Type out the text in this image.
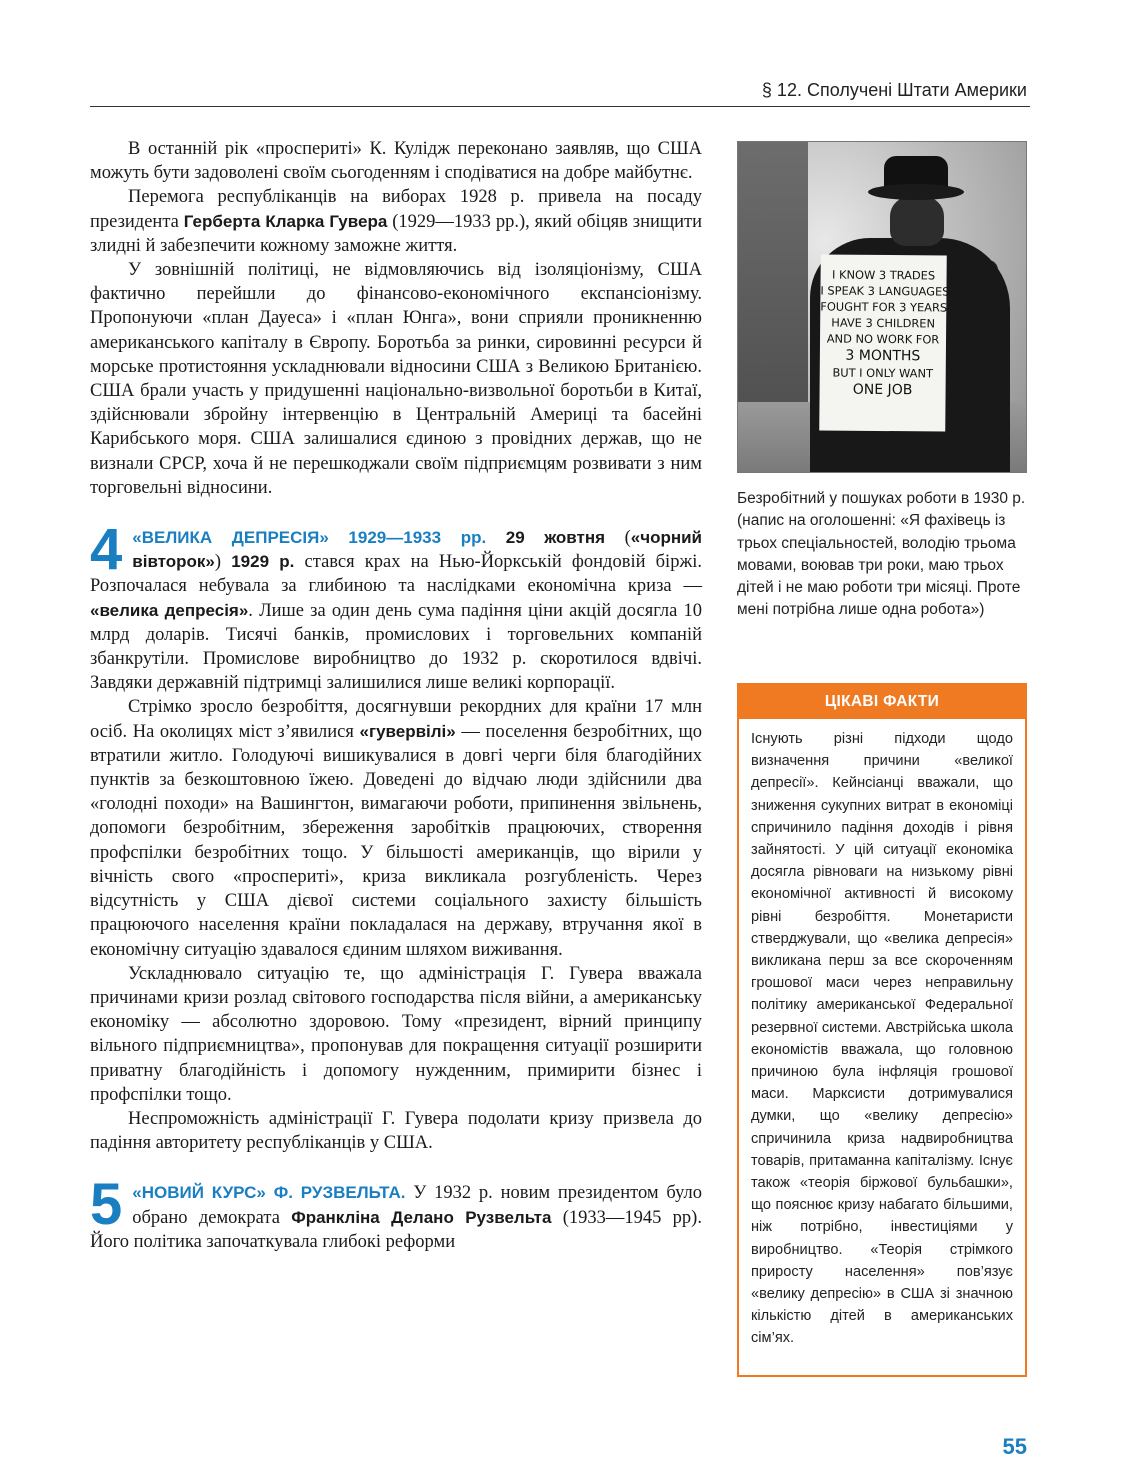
§ 12. Сполучені Штати Америки

В останній рік «проспериті» К. Кулідж переконано заявляв, що США можуть бути задоволені своїм сьогоденням і сподіватися на добре майбутнє.

Перемога республіканців на виборах 1928 р. привела на посаду президента Герберта Кларка Гувера (1929—1933 рр.), який обіцяв знищити злидні й забезпечити кожному заможне життя.

У зовнішній політиці, не відмовляючись від ізоляціонізму, США фактично перейшли до фінансово-економічного експансіонізму. Пропонуючи «план Дауеса» і «план Юнга», вони сприяли проникненню американського капіталу в Європу. Боротьба за ринки, сировинні ресурси й морське протистояння ускладнювали відносини США з Великою Британією. США брали участь у придушенні національно-визвольної боротьби в Китаї, здійснювали збройну інтервенцію в Центральній Америці та басейні Карибського моря. США залишалися єдиною з провідних держав, що не визнали СРСР, хоча й не перешкоджали своїм підприємцям розвивати з ним торговельні відносини.

4 «ВЕЛИКА ДЕПРЕСІЯ» 1929—1933 рр. 29 жовтня («чорний вівторок») 1929 р. стався крах на Нью-Йоркській фондовій біржі. Розпочалася небувала за глибиною та наслідками економічна криза — «велика депресія». Лише за один день сума падіння ціни акцій досягла 10 млрд доларів. Тисячі банків, промислових і торговельних компаній збанкрутіли. Промислове виробництво до 1932 р. скоротилося вдвічі. Завдяки державній підтримці залишилися лише великі корпорації.

Стрімко зросло безробіття, досягнувши рекордних для країни 17 млн осіб. На околицях міст з’явилися «гувервілі» — поселення безробітних, що втратили житло. Голодуючі вишикувалися в довгі черги біля благодійних пунктів за безкоштовною їжею. Доведені до відчаю люди здійснили два «голодні походи» на Вашингтон, вимагаючи роботи, припинення звільнень, допомоги безробітним, збереження заробітків працюючих, створення профспілки безробітних тощо. У більшості американців, що вірили у вічність свого «проспериті», криза викликала розгубленість. Через відсутність у США дієвої системи соціального захисту більшість працюючого населення країни покладалася на державу, втручання якої в економічну ситуацію здавалося єдиним шляхом виживання.

Ускладнювало ситуацію те, що адміністрація Г. Гувера вважала причинами кризи розлад світового господарства після війни, а американську економіку — абсолютно здоровою. Тому «президент, вірний принципу вільного підприємництва», пропонував для покращення ситуації розширити приватну благодійність і допомогу нужденним, примирити бізнес і профспілки тощо.

Неспроможність адміністрації Г. Гувера подолати кризу призвела до падіння авторитету республіканців у США.

5 «НОВИЙ КУРС» Ф. РУЗВЕЛЬТА. У 1932 р. новим президентом було обрано демократа Франкліна Делано Рузвельта (1933—1945 рр). Його політика започаткувала глибокі реформи

I KNOW 3 TRADES
I SPEAK 3 LANGUAGES
FOUGHT FOR 3 YEARS
HAVE 3 CHILDREN
AND NO WORK FOR
3 MONTHS
BUT I ONLY WANT
ONE JOB
Безробітний у пошуках роботи в 1930 р. (напис на оголошенні: «Я фахівець із трьох спеціальностей, володію трьома мовами, воював три роки, маю трьох дітей і не маю роботи три місяці. Проте мені потрібна лише одна робота»)
ЦІКАВІ ФАКТИ
Існують різні підходи щодо визначення причини «великої депресії». Кейнсіанці вважали, що зниження сукупних витрат в економіці спричинило падіння доходів і рівня зайнятості. У цій ситуації економіка досягла рівноваги на низькому рівні економічної активності й високому рівні безробіття. Монетаристи стверджували, що «велика депресія» викликана перш за все скороченням грошової маси через неправильну політику американської Федеральної резервної системи. Австрійська школа економістів вважала, що головною причиною була інфляція грошової маси. Марксисти дотримувалися думки, що «велику депресію» спричинила криза надвиробництва товарів, притаманна капіталізму. Існує також «теорія біржової бульбашки», що пояснює кризу набагато більшими, ніж потрібно, інвестиціями у виробництво. «Теорія стрімкого приросту населення» пов’язує «велику депресію» в США зі значною кількістю дітей в американських сім’ях.
55
